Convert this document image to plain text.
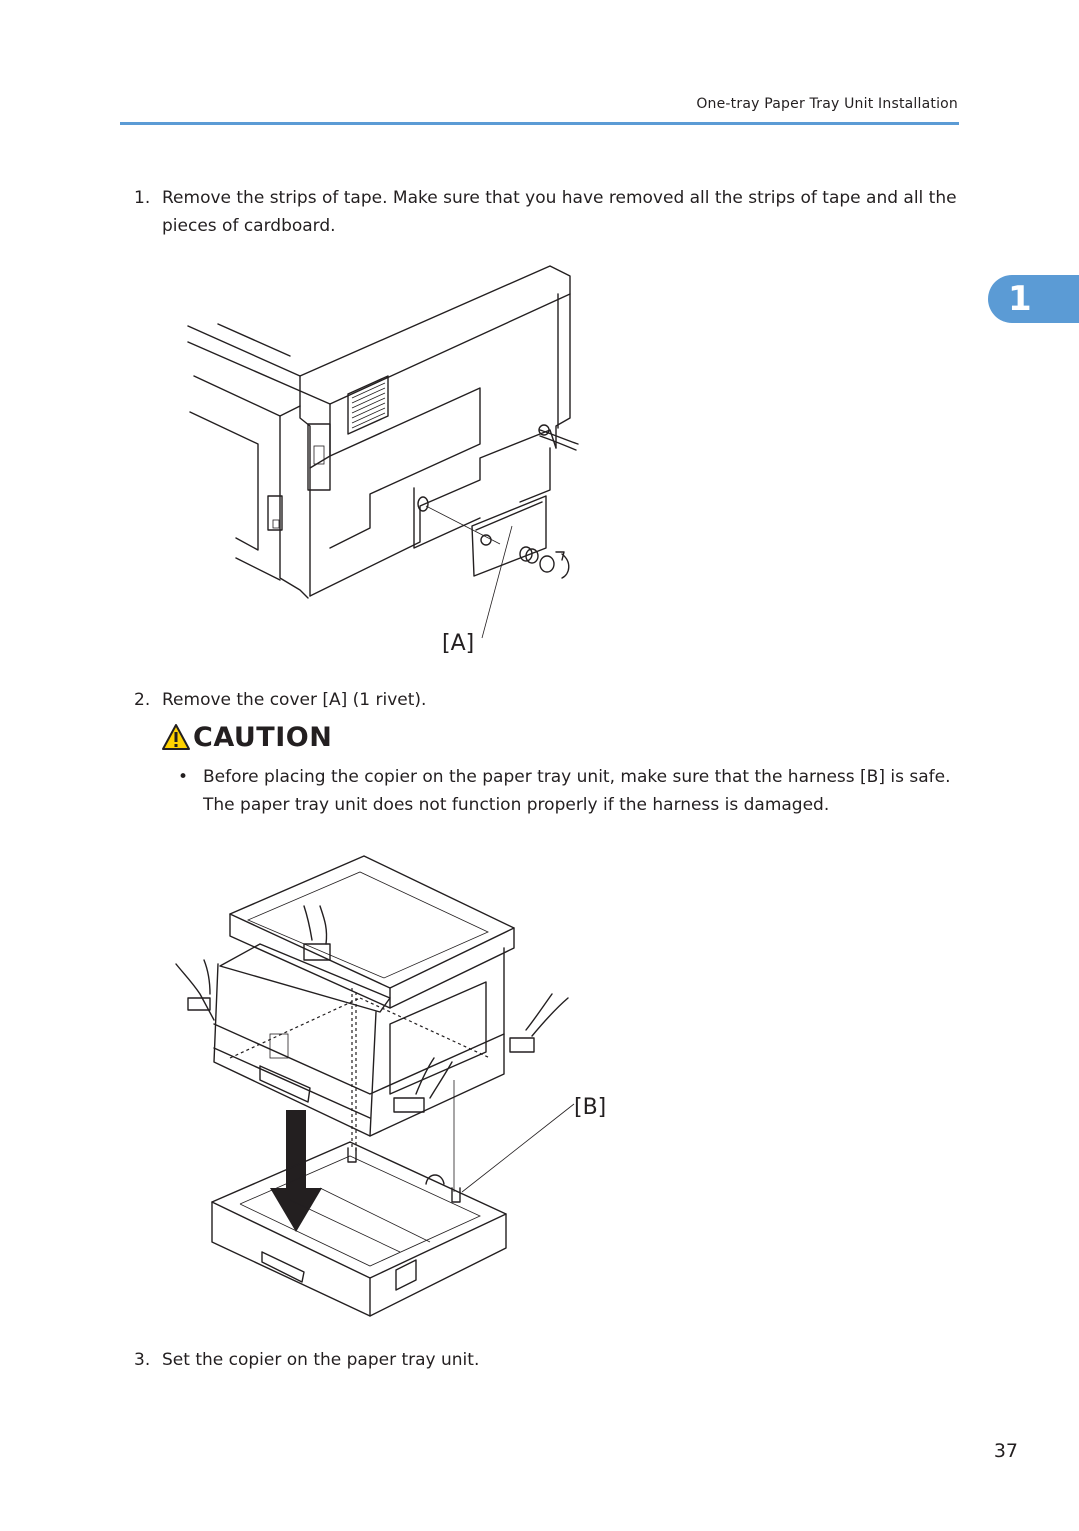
One-tray Paper Tray Unit Installation
1
1. Remove the strips of tape. Make sure that you have removed all the strips of tape and all the pieces of cardboard.
[A]
2. Remove the cover [A] (1 rivet).
CAUTION
• Before placing the copier on the paper tray unit, make sure that the harness [B] is safe. The paper tray unit does not function properly if the harness is damaged.
[B]
3. Set the copier on the paper tray unit.
37
